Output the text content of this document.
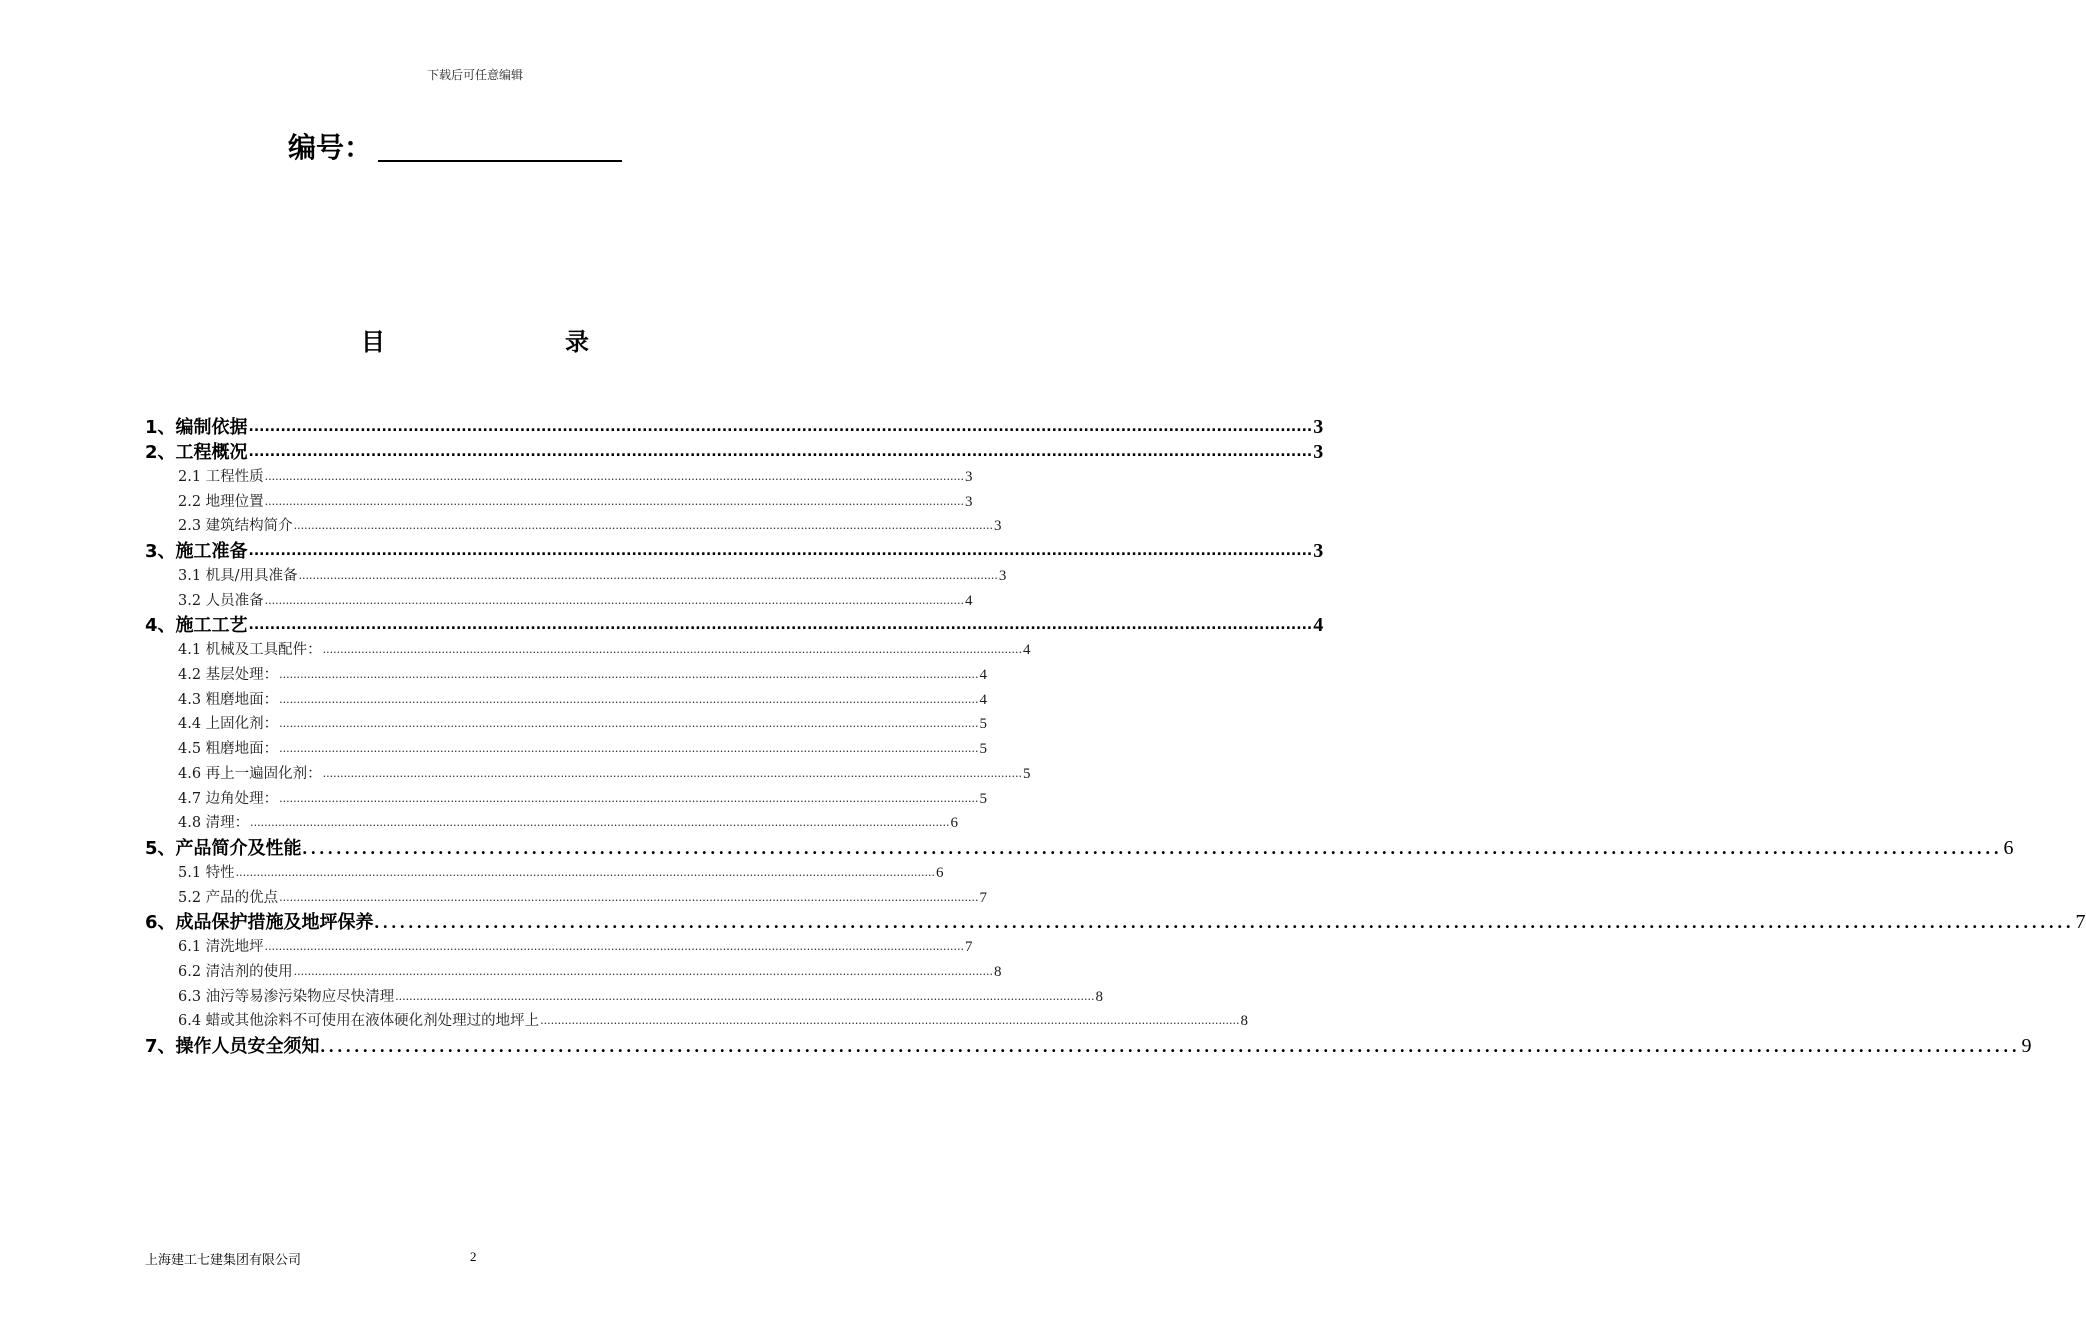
下载后可任意编辑
编号：
目	录
1、编制依据 ........................................................................................................................................................................................................ 3
2、工程概况 ........................................................................................................................................................................................................ 3
2.1 工程性质 ........................................................................................................................................................................................................ 3
2.2 地理位置 ........................................................................................................................................................................................................ 3
2.3 建筑结构简介 ........................................................................................................................................................................................................ 3
3、施工准备 ........................................................................................................................................................................................................ 3
3.1 机具/用具准备 ........................................................................................................................................................................................................ 3
3.2 人员准备 ........................................................................................................................................................................................................ 4
4、施工工艺 ........................................................................................................................................................................................................ 4
4.1 机械及工具配件： ........................................................................................................................................................................................................ 4
4.2 基层处理： ........................................................................................................................................................................................................ 4
4.3 粗磨地面： ........................................................................................................................................................................................................ 4
4.4 上固化剂： ........................................................................................................................................................................................................ 5
4.5 粗磨地面： ........................................................................................................................................................................................................ 5
4.6 再上一遍固化剂： ........................................................................................................................................................................................................ 5
4.7 边角处理： ........................................................................................................................................................................................................ 5
4.8 清理： ........................................................................................................................................................................................................ 6
5、产品简介及性能 ........................................................................................................................................................................................................ 6
5.1 特性 ........................................................................................................................................................................................................ 6
5.2 产品的优点 ........................................................................................................................................................................................................ 7
6、成品保护措施及地坪保养 ........................................................................................................................................................................................................ 7
6.1 清洗地坪 ........................................................................................................................................................................................................ 7
6.2 清洁剂的使用 ........................................................................................................................................................................................................ 8
6.3 油污等易渗污染物应尽快清理 ........................................................................................................................................................................................................ 8
6.4 蜡或其他涂料不可使用在液体硬化剂处理过的地坪上 ........................................................................................................................................................................................................ 8
7、操作人员安全须知 ........................................................................................................................................................................................................ 9
上海建工七建集团有限公司	2
